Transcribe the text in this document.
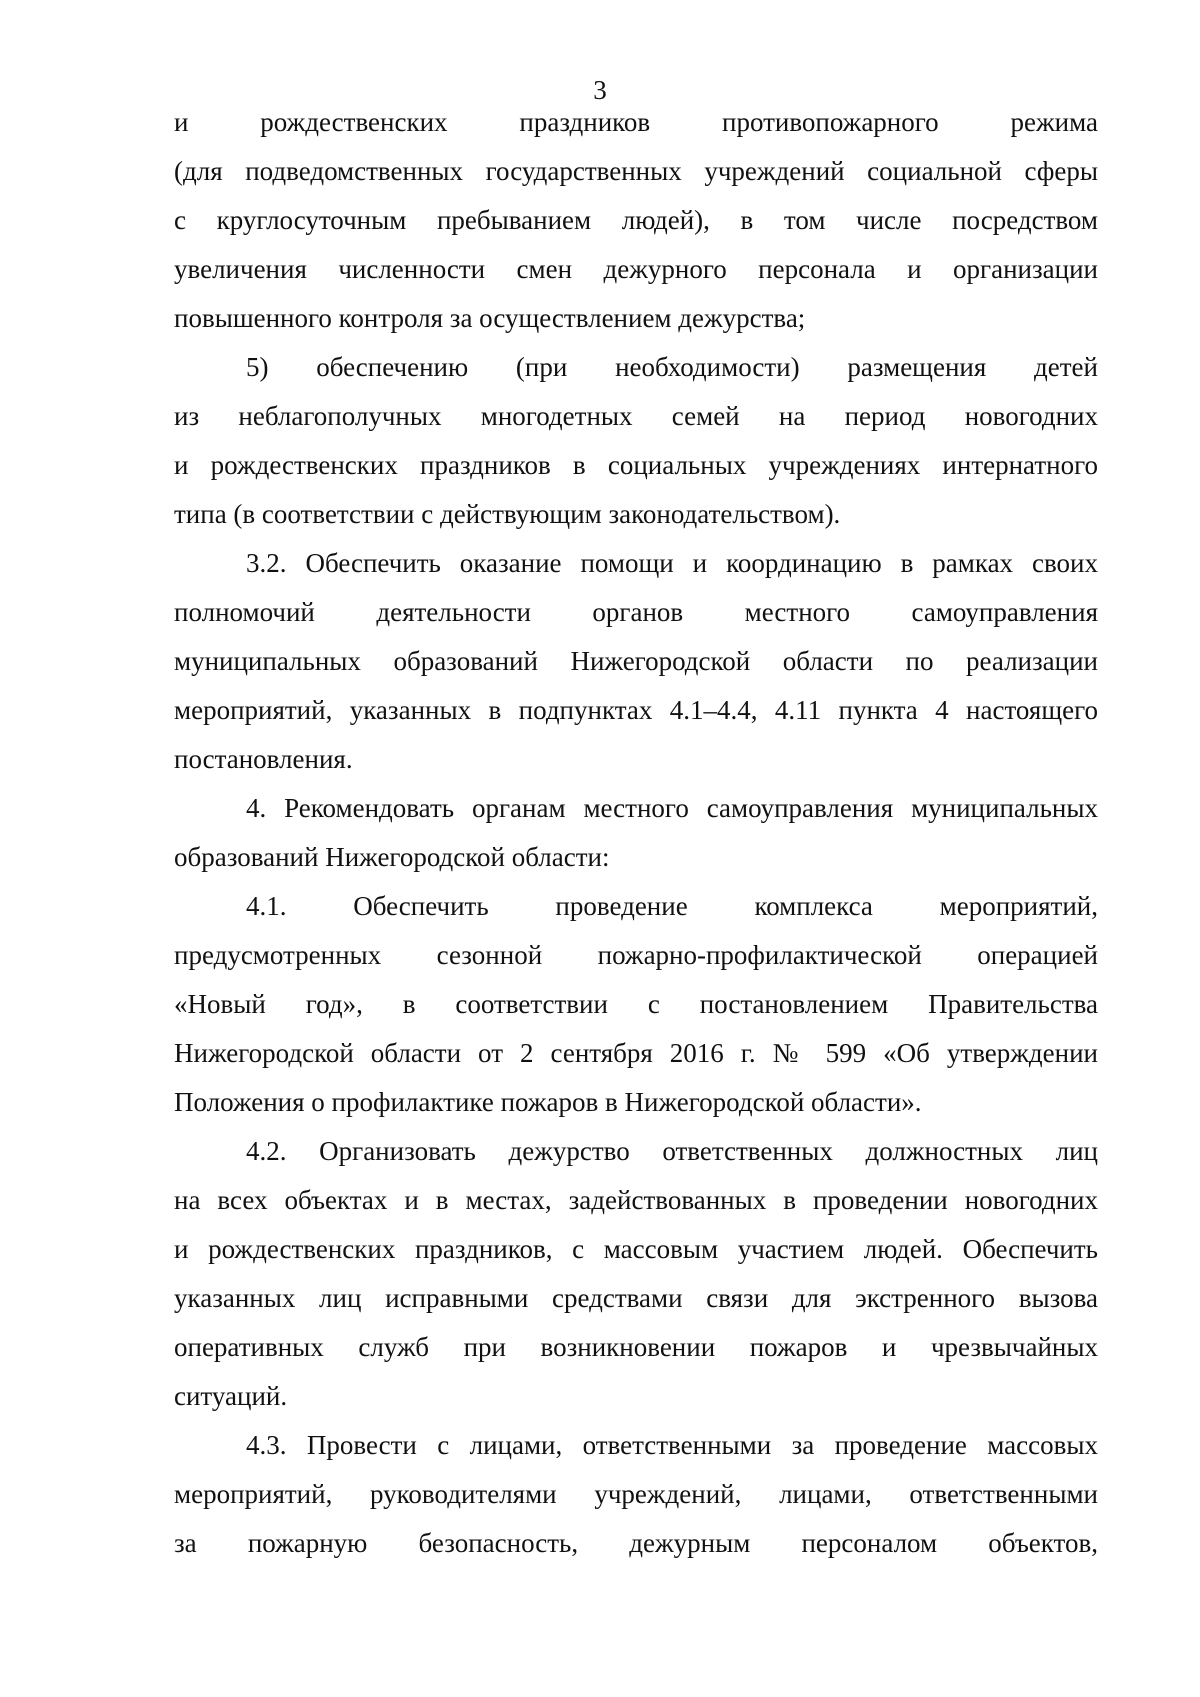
3
и рождественских праздников противопожарного режима
(для подведомственных государственных учреждений социальной сферы
с круглосуточным пребыванием людей), в том числе посредством
увеличения численности смен дежурного персонала и организации
повышенного контроля за осуществлением дежурства;
5) обеспечению (при необходимости) размещения детей
из неблагополучных многодетных семей на период новогодних
и рождественских праздников в социальных учреждениях интернатного
типа (в соответствии с действующим законодательством).
3.2. Обеспечить оказание помощи и координацию в рамках своих
полномочий деятельности органов местного самоуправления
муниципальных образований Нижегородской области по реализации
мероприятий, указанных в подпунктах 4.1–4.4, 4.11 пункта 4 настоящего
постановления.
4. Рекомендовать органам местного самоуправления муниципальных
образований Нижегородской области:
4.1. Обеспечить проведение комплекса мероприятий,
предусмотренных сезонной пожарно-профилактической операцией
«Новый год», в соответствии с постановлением Правительства
Нижегородской области от 2 сентября 2016 г. № 599 «Об утверждении
Положения о профилактике пожаров в Нижегородской области».
4.2. Организовать дежурство ответственных должностных лиц
на всех объектах и в местах, задействованных в проведении новогодних
и рождественских праздников, с массовым участием людей. Обеспечить
указанных лиц исправными средствами связи для экстренного вызова
оперативных служб при возникновении пожаров и чрезвычайных
ситуаций.
4.3. Провести с лицами, ответственными за проведение массовых
мероприятий, руководителями учреждений, лицами, ответственными
за пожарную безопасность, дежурным персоналом объектов,
